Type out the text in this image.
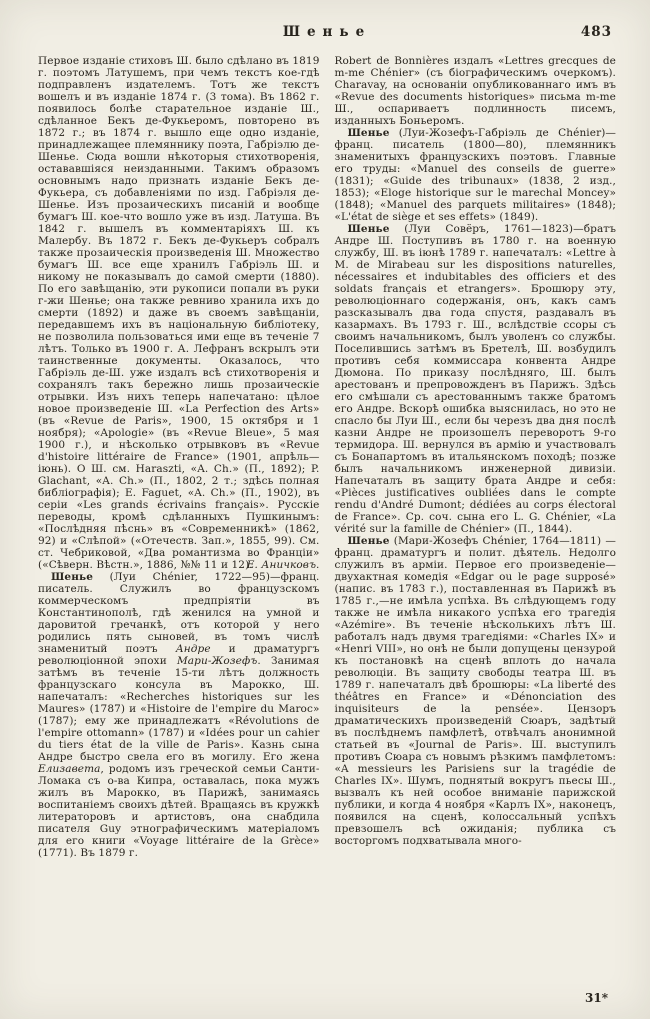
Шенье	483

Первое изданіе стиховъ Ш. было сдѣлано въ 1819 г. поэтомъ Латушемъ, при чемъ текстъ кое-гдѣ подправленъ издателемъ. Тотъ же текстъ вошелъ и въ изданіе 1874 г. (3 тома). Въ 1862 г. появилось болѣе старательное изданіе Ш., сдѣланное Бекъ де-Фукьеромъ, повторено въ 1872 г.; въ 1874 г. вышло еще одно изданіе, принадлежащее племяннику поэта, Габріэлю де-Шенье. Сюда вошли нѣкоторыя стихотворенія, остававшіяся неизданными. Такимъ образомъ основнымъ надо признать изданіе Бекъ де-Фукьера, съ добавленіями по изд. Габріэля де-Шенье. Изъ прозаическихъ писаній и вообще бумагъ Ш. кое-что вошло уже въ изд. Латуша. Въ 1842 г. вышелъ въ комментаріяхъ Ш. къ Малербу. Въ 1872 г. Бекъ де-Фукьеръ собралъ также прозаическія произведенія Ш. Множество бумагъ Ш. все еще хранилъ Габріэль Ш. и никому не показывалъ до самой смерти (1880). По его завѣщанію, эти рукописи попали въ руки г-жи Шенье; она также ревниво хранила ихъ до смерти (1892) и даже въ своемъ завѣщаніи, передавшемъ ихъ въ національную библіотеку, не позволила пользоваться ими еще въ теченіе 7 лѣтъ. Только въ 1900 г. А. Лефранъ вскрылъ эти таинственные документы. Оказалось, что Габріэль де-Ш. уже издалъ всѣ стихотворенія и сохранялъ такъ бережно лишь прозаическіе отрывки. Изъ нихъ теперь напечатано: цѣлое новое произведеніе Ш. «La Perfection des Arts» (въ «Revue de Paris», 1900, 15 октября и 1 ноября); «Apologie» (въ «Revue Bleue», 5 мая 1900 г.), и нѣсколько отрывковъ въ «Revue d'histoire littéraire de France» (1901, апрѣль—іюнь). О Ш. см. Haraszti, «A. Ch.» (П., 1892); P. Glachant, «A. Ch.» (П., 1802, 2 т.; здѣсь полная библіографія); E. Faguet, «A. Ch.» (П., 1902), въ серіи «Les grands écrivains français». Русскіе переводы, кромѣ сдѣланныхъ Пушкинымъ: «Послѣдняя пѣснь» въ «Современникѣ» (1862, 92) и «Слѣпой» («Отечеств. Зап.», 1855, 99). См. ст. Чебриковой, «Два романтизма во Франціи» («Сѣверн. Вѣстн.», 1886, №№ 11 и 12).
Е. Аничковъ.

Шенье (Луи Chénier, 1722—95)—франц. писатель. Служилъ во французскомъ коммерческомъ предпріятіи въ Константинополѣ, гдѣ женился на умной и даровитой гречанкѣ, отъ которой у него родились пять сыновей, въ томъ числѣ знаменитый поэтъ Андре и драматургъ революціонной эпохи Мари-Жозефъ. Занимая затѣмъ въ теченіе 15-ти лѣтъ должность французскаго консула въ Марокко, Ш. напечаталъ: «Recherches historiques sur les Maures» (1787) и «Histoire de l'empire du Maroc» (1787); ему же принадлежатъ «Révolutions de l'empire ottomann» (1787) и «Idées pour un cahier du tiers état de la ville de Paris». Казнь сына Андре быстро свела его въ могилу. Его жена Елизавета, родомъ изъ греческой семьи Санти-Ломака съ о-ва Кипра, оставалась, пока мужъ жилъ въ Марокко, въ Парижѣ, занимаясь воспитаніемъ своихъ дѣтей. Вращаясь въ кружкѣ литераторовъ и артистовъ, она снабдила писателя Guy этнографическимъ матеріаломъ для его книги «Voyage littéraire de la Grèce» (1771). Въ 1879 г.

Robert de Bonnières издалъ «Lettres grecques de m-me Chénier» (съ біографическимъ очеркомъ). Charavay, на основаніи опубликованнаго имъ въ «Revue des documents historiques» письма m-me Ш., оспариваетъ подлинность писемъ, изданныхъ Боньеромъ.

Шенье (Луи-Жозефъ-Габріэль де Chénier)—франц. писатель (1800—80), племянникъ знаменитыхъ французскихъ поэтовъ. Главные его труды: «Manuel des conseils de guerre» (1831); «Guide des tribunaux» (1838, 2 изд., 1853); «Eloge historique sur le marechal Moncey» (1848); «Manuel des parquets militaires» (1848); «L'état de siège et ses effets» (1849).

Шенье (Луи Совёръ, 1761—1823)—братъ Андре Ш. Поступивъ въ 1780 г. на военную службу, Ш. въ іюнѣ 1789 г. напечаталъ: «Lettre à M. de Mirabeau sur les dispositions naturelles, nécessaires et indubitables des officiers et des soldats français et etrangers». Брошюру эту, революціоннаго содержанія, онъ, какъ самъ разсказывалъ два года спустя, раздавалъ въ казармахъ. Въ 1793 г. Ш., вслѣдствіе ссоры съ своимъ начальникомъ, былъ уволенъ со службы. Поселившись затѣмъ въ Бретелѣ, Ш. возбудилъ противъ себя коммиссара конвента Андре Дюмона. По приказу послѣдняго, Ш. былъ арестованъ и препровожденъ въ Парижъ. Здѣсь его смѣшали съ арестованнымъ также братомъ его Андре. Вскорѣ ошибка выяснилась, но это не спасло бы Луи Ш., если бы черезъ два дня послѣ казни Андре не произошелъ переворотъ 9-го термидора. Ш. вернулся въ армію и участвовалъ съ Бонапартомъ въ итальянскомъ походѣ; позже былъ начальникомъ инженерной дивизіи. Напечаталъ въ защиту брата Андре и себя: «Pièces justificatives oubliées dans le compte rendu d'André Dumont; dédiées au corps électoral de France». Ср. соч. сына его L. G. Chénier, «La vérité sur la famille de Chénier» (П., 1844).

Шенье (Мари-Жозефъ Chénier, 1764—1811) — франц. драматургъ и полит. дѣятель. Недолго служилъ въ арміи. Первое его произведеніе—двухактная комедія «Edgar ou le page supposé» (напис. въ 1783 г.), поставленная въ Парижѣ въ 1785 г.,—не имѣла успѣха. Въ слѣдующемъ году также не имѣла никакого успѣха его трагедія «Azémire». Въ теченіе нѣсколькихъ лѣтъ Ш. работалъ надъ двумя трагедіями: «Charles IX» и «Henri VIII», но онѣ не были допущены цензурой къ постановкѣ на сценѣ вплоть до начала революціи. Въ защиту свободы театра Ш. въ 1789 г. напечаталъ двѣ брошюры: «La liberté des théâtres en France» и «Dénonciation des inquisiteurs de la pensée». Цензоръ драматическихъ произведеній Сюаръ, задѣтый въ послѣднемъ памфлетѣ, отвѣчалъ анонимной статьей въ «Journal de Paris». Ш. выступилъ противъ Сюара съ новымъ рѣзкимъ памфлетомъ: «A messieurs les Parisiens sur la tragédie de Charles IX». Шумъ, поднятый вокругъ пьесы Ш., вызвалъ къ ней особое вниманіе парижской публики, и когда 4 ноября «Карлъ IX», наконецъ, появился на сценѣ, колоссальный успѣхъ превзошелъ всѣ ожиданія; публика съ восторгомъ подхватывала много-

31*
